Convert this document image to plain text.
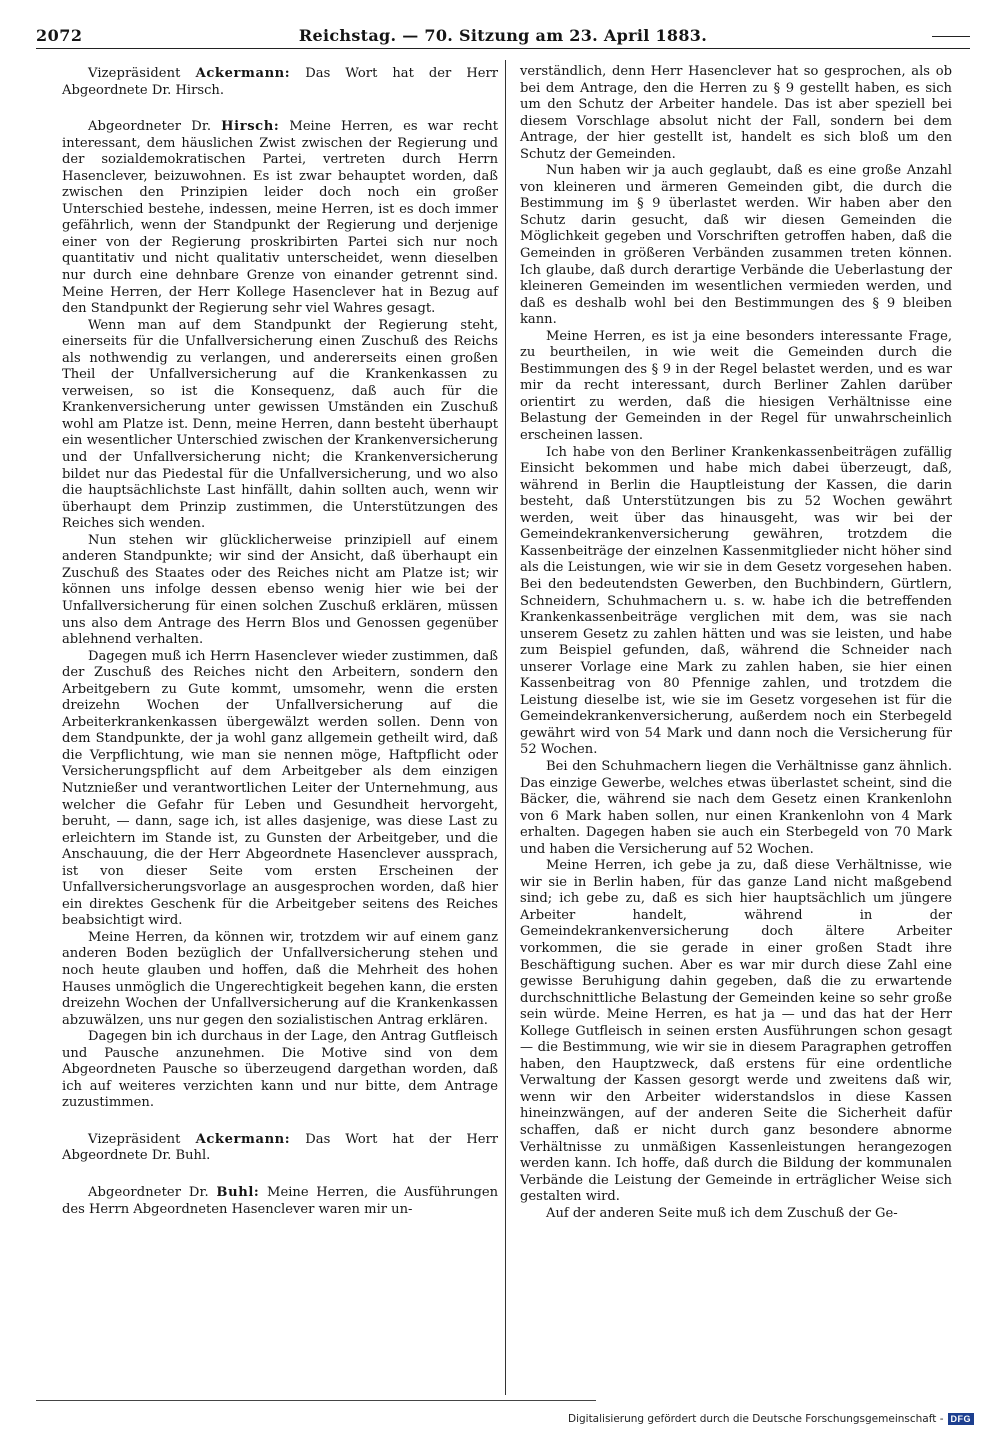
2072	Reichstag. — 70. Sitzung am 23. April 1883.

Vizepräsident Ackermann: Das Wort hat der Herr Abgeordnete Dr. Hirsch.

Abgeordneter Dr. Hirsch: Meine Herren, es war recht interessant, dem häuslichen Zwist zwischen der Regierung und der sozialdemokratischen Partei, vertreten durch Herrn Hasenclever, beizuwohnen. Es ist zwar behauptet worden, daß zwischen den Prinzipien leider doch noch ein großer Unterschied bestehe, indessen, meine Herren, ist es doch immer gefährlich, wenn der Standpunkt der Regierung und derjenige einer von der Regierung proskribirten Partei sich nur noch quantitativ und nicht qualitativ unterscheidet, wenn dieselben nur durch eine dehnbare Grenze von einander getrennt sind. Meine Herren, der Herr Kollege Hasenclever hat in Bezug auf den Standpunkt der Regierung sehr viel Wahres gesagt.

Wenn man auf dem Standpunkt der Regierung steht, einerseits für die Unfallversicherung einen Zuschuß des Reichs als nothwendig zu verlangen, und andererseits einen großen Theil der Unfallversicherung auf die Krankenkassen zu verweisen, so ist die Konsequenz, daß auch für die Krankenversicherung unter gewissen Umständen ein Zuschuß wohl am Platze ist. Denn, meine Herren, dann besteht überhaupt ein wesentlicher Unterschied zwischen der Krankenversicherung und der Unfallversicherung nicht; die Krankenversicherung bildet nur das Piedestal für die Unfallversicherung, und wo also die hauptsächlichste Last hinfällt, dahin sollten auch, wenn wir überhaupt dem Prinzip zustimmen, die Unterstützungen des Reiches sich wenden.

Nun stehen wir glücklicherweise prinzipiell auf einem anderen Standpunkte; wir sind der Ansicht, daß überhaupt ein Zuschuß des Staates oder des Reiches nicht am Platze ist; wir können uns infolge dessen ebenso wenig hier wie bei der Unfallversicherung für einen solchen Zuschuß erklären, müssen uns also dem Antrage des Herrn Blos und Genossen gegenüber ablehnend verhalten.

Dagegen muß ich Herrn Hasenclever wieder zustimmen, daß der Zuschuß des Reiches nicht den Arbeitern, sondern den Arbeitgebern zu Gute kommt, umsomehr, wenn die ersten dreizehn Wochen der Unfallversicherung auf die Arbeiterkrankenkassen übergewälzt werden sollen. Denn von dem Standpunkte, der ja wohl ganz allgemein getheilt wird, daß die Verpflichtung, wie man sie nennen möge, Haftpflicht oder Versicherungspflicht auf dem Arbeitgeber als dem einzigen Nutznießer und verantwortlichen Leiter der Unternehmung, aus welcher die Gefahr für Leben und Gesundheit hervorgeht, beruht, — dann, sage ich, ist alles dasjenige, was diese Last zu erleichtern im Stande ist, zu Gunsten der Arbeitgeber, und die Anschauung, die der Herr Abgeordnete Hasenclever aussprach, ist von dieser Seite vom ersten Erscheinen der Unfallversicherungsvorlage an ausgesprochen worden, daß hier ein direktes Geschenk für die Arbeitgeber seitens des Reiches beabsichtigt wird.

Meine Herren, da können wir, trotzdem wir auf einem ganz anderen Boden bezüglich der Unfallversicherung stehen und noch heute glauben und hoffen, daß die Mehrheit des hohen Hauses unmöglich die Ungerechtigkeit begehen kann, die ersten dreizehn Wochen der Unfallversicherung auf die Krankenkassen abzuwälzen, uns nur gegen den sozialistischen Antrag erklären.

Dagegen bin ich durchaus in der Lage, den Antrag Gutfleisch und Pausche anzunehmen. Die Motive sind von dem Abgeordneten Pausche so überzeugend dargethan worden, daß ich auf weiteres verzichten kann und nur bitte, dem Antrage zuzustimmen.

Vizepräsident Ackermann: Das Wort hat der Herr Abgeordnete Dr. Buhl.

Abgeordneter Dr. Buhl: Meine Herren, die Ausführungen des Herrn Abgeordneten Hasenclever waren mir un-

verständlich, denn Herr Hasenclever hat so gesprochen, als ob bei dem Antrage, den die Herren zu § 9 gestellt haben, es sich um den Schutz der Arbeiter handele. Das ist aber speziell bei diesem Vorschlage absolut nicht der Fall, sondern bei dem Antrage, der hier gestellt ist, handelt es sich bloß um den Schutz der Gemeinden.

Nun haben wir ja auch geglaubt, daß es eine große Anzahl von kleineren und ärmeren Gemeinden gibt, die durch die Bestimmung im § 9 überlastet werden. Wir haben aber den Schutz darin gesucht, daß wir diesen Gemeinden die Möglichkeit gegeben und Vorschriften getroffen haben, daß die Gemeinden in größeren Verbänden zusammen treten können. Ich glaube, daß durch derartige Verbände die Ueberlastung der kleineren Gemeinden im wesentlichen vermieden werden, und daß es deshalb wohl bei den Bestimmungen des § 9 bleiben kann.

Meine Herren, es ist ja eine besonders interessante Frage, zu beurtheilen, in wie weit die Gemeinden durch die Bestimmungen des § 9 in der Regel belastet werden, und es war mir da recht interessant, durch Berliner Zahlen darüber orientirt zu werden, daß die hiesigen Verhältnisse eine Belastung der Gemeinden in der Regel für unwahrscheinlich erscheinen lassen.

Ich habe von den Berliner Krankenkassenbeiträgen zufällig Einsicht bekommen und habe mich dabei überzeugt, daß, während in Berlin die Hauptleistung der Kassen, die darin besteht, daß Unterstützungen bis zu 52 Wochen gewährt werden, weit über das hinausgeht, was wir bei der Gemeindekrankenversicherung gewähren, trotzdem die Kassenbeiträge der einzelnen Kassenmitglieder nicht höher sind als die Leistungen, wie wir sie in dem Gesetz vorgesehen haben. Bei den bedeutendsten Gewerben, den Buchbindern, Gürtlern, Schneidern, Schuhmachern u. s. w. habe ich die betreffenden Krankenkassenbeiträge verglichen mit dem, was sie nach unserem Gesetz zu zahlen hätten und was sie leisten, und habe zum Beispiel gefunden, daß, während die Schneider nach unserer Vorlage eine Mark zu zahlen haben, sie hier einen Kassenbeitrag von 80 Pfennige zahlen, und trotzdem die Leistung dieselbe ist, wie sie im Gesetz vorgesehen ist für die Gemeindekrankenversicherung, außerdem noch ein Sterbegeld gewährt wird von 54 Mark und dann noch die Versicherung für 52 Wochen.

Bei den Schuhmachern liegen die Verhältnisse ganz ähnlich. Das einzige Gewerbe, welches etwas überlastet scheint, sind die Bäcker, die, während sie nach dem Gesetz einen Krankenlohn von 6 Mark haben sollen, nur einen Krankenlohn von 4 Mark erhalten. Dagegen haben sie auch ein Sterbegeld von 70 Mark und haben die Versicherung auf 52 Wochen.

Meine Herren, ich gebe ja zu, daß diese Verhältnisse, wie wir sie in Berlin haben, für das ganze Land nicht maßgebend sind; ich gebe zu, daß es sich hier hauptsächlich um jüngere Arbeiter handelt, während in der Gemeindekrankenversicherung doch ältere Arbeiter vorkommen, die sie gerade in einer großen Stadt ihre Beschäftigung suchen. Aber es war mir durch diese Zahl eine gewisse Beruhigung dahin gegeben, daß die zu erwartende durchschnittliche Belastung der Gemeinden keine so sehr große sein würde. Meine Herren, es hat ja — und das hat der Herr Kollege Gutfleisch in seinen ersten Ausführungen schon gesagt — die Bestimmung, wie wir sie in diesem Paragraphen getroffen haben, den Hauptzweck, daß erstens für eine ordentliche Verwaltung der Kassen gesorgt werde und zweitens daß wir, wenn wir den Arbeiter widerstandslos in diese Kassen hineinzwängen, auf der anderen Seite die Sicherheit dafür schaffen, daß er nicht durch ganz besondere abnorme Verhältnisse zu unmäßigen Kassenleistungen herangezogen werden kann. Ich hoffe, daß durch die Bildung der kommunalen Verbände die Leistung der Gemeinde in erträglicher Weise sich gestalten wird.

Auf der anderen Seite muß ich dem Zuschuß der Ge-

Digitalisierung gefördert durch die Deutsche Forschungsgemeinschaft - DFG
